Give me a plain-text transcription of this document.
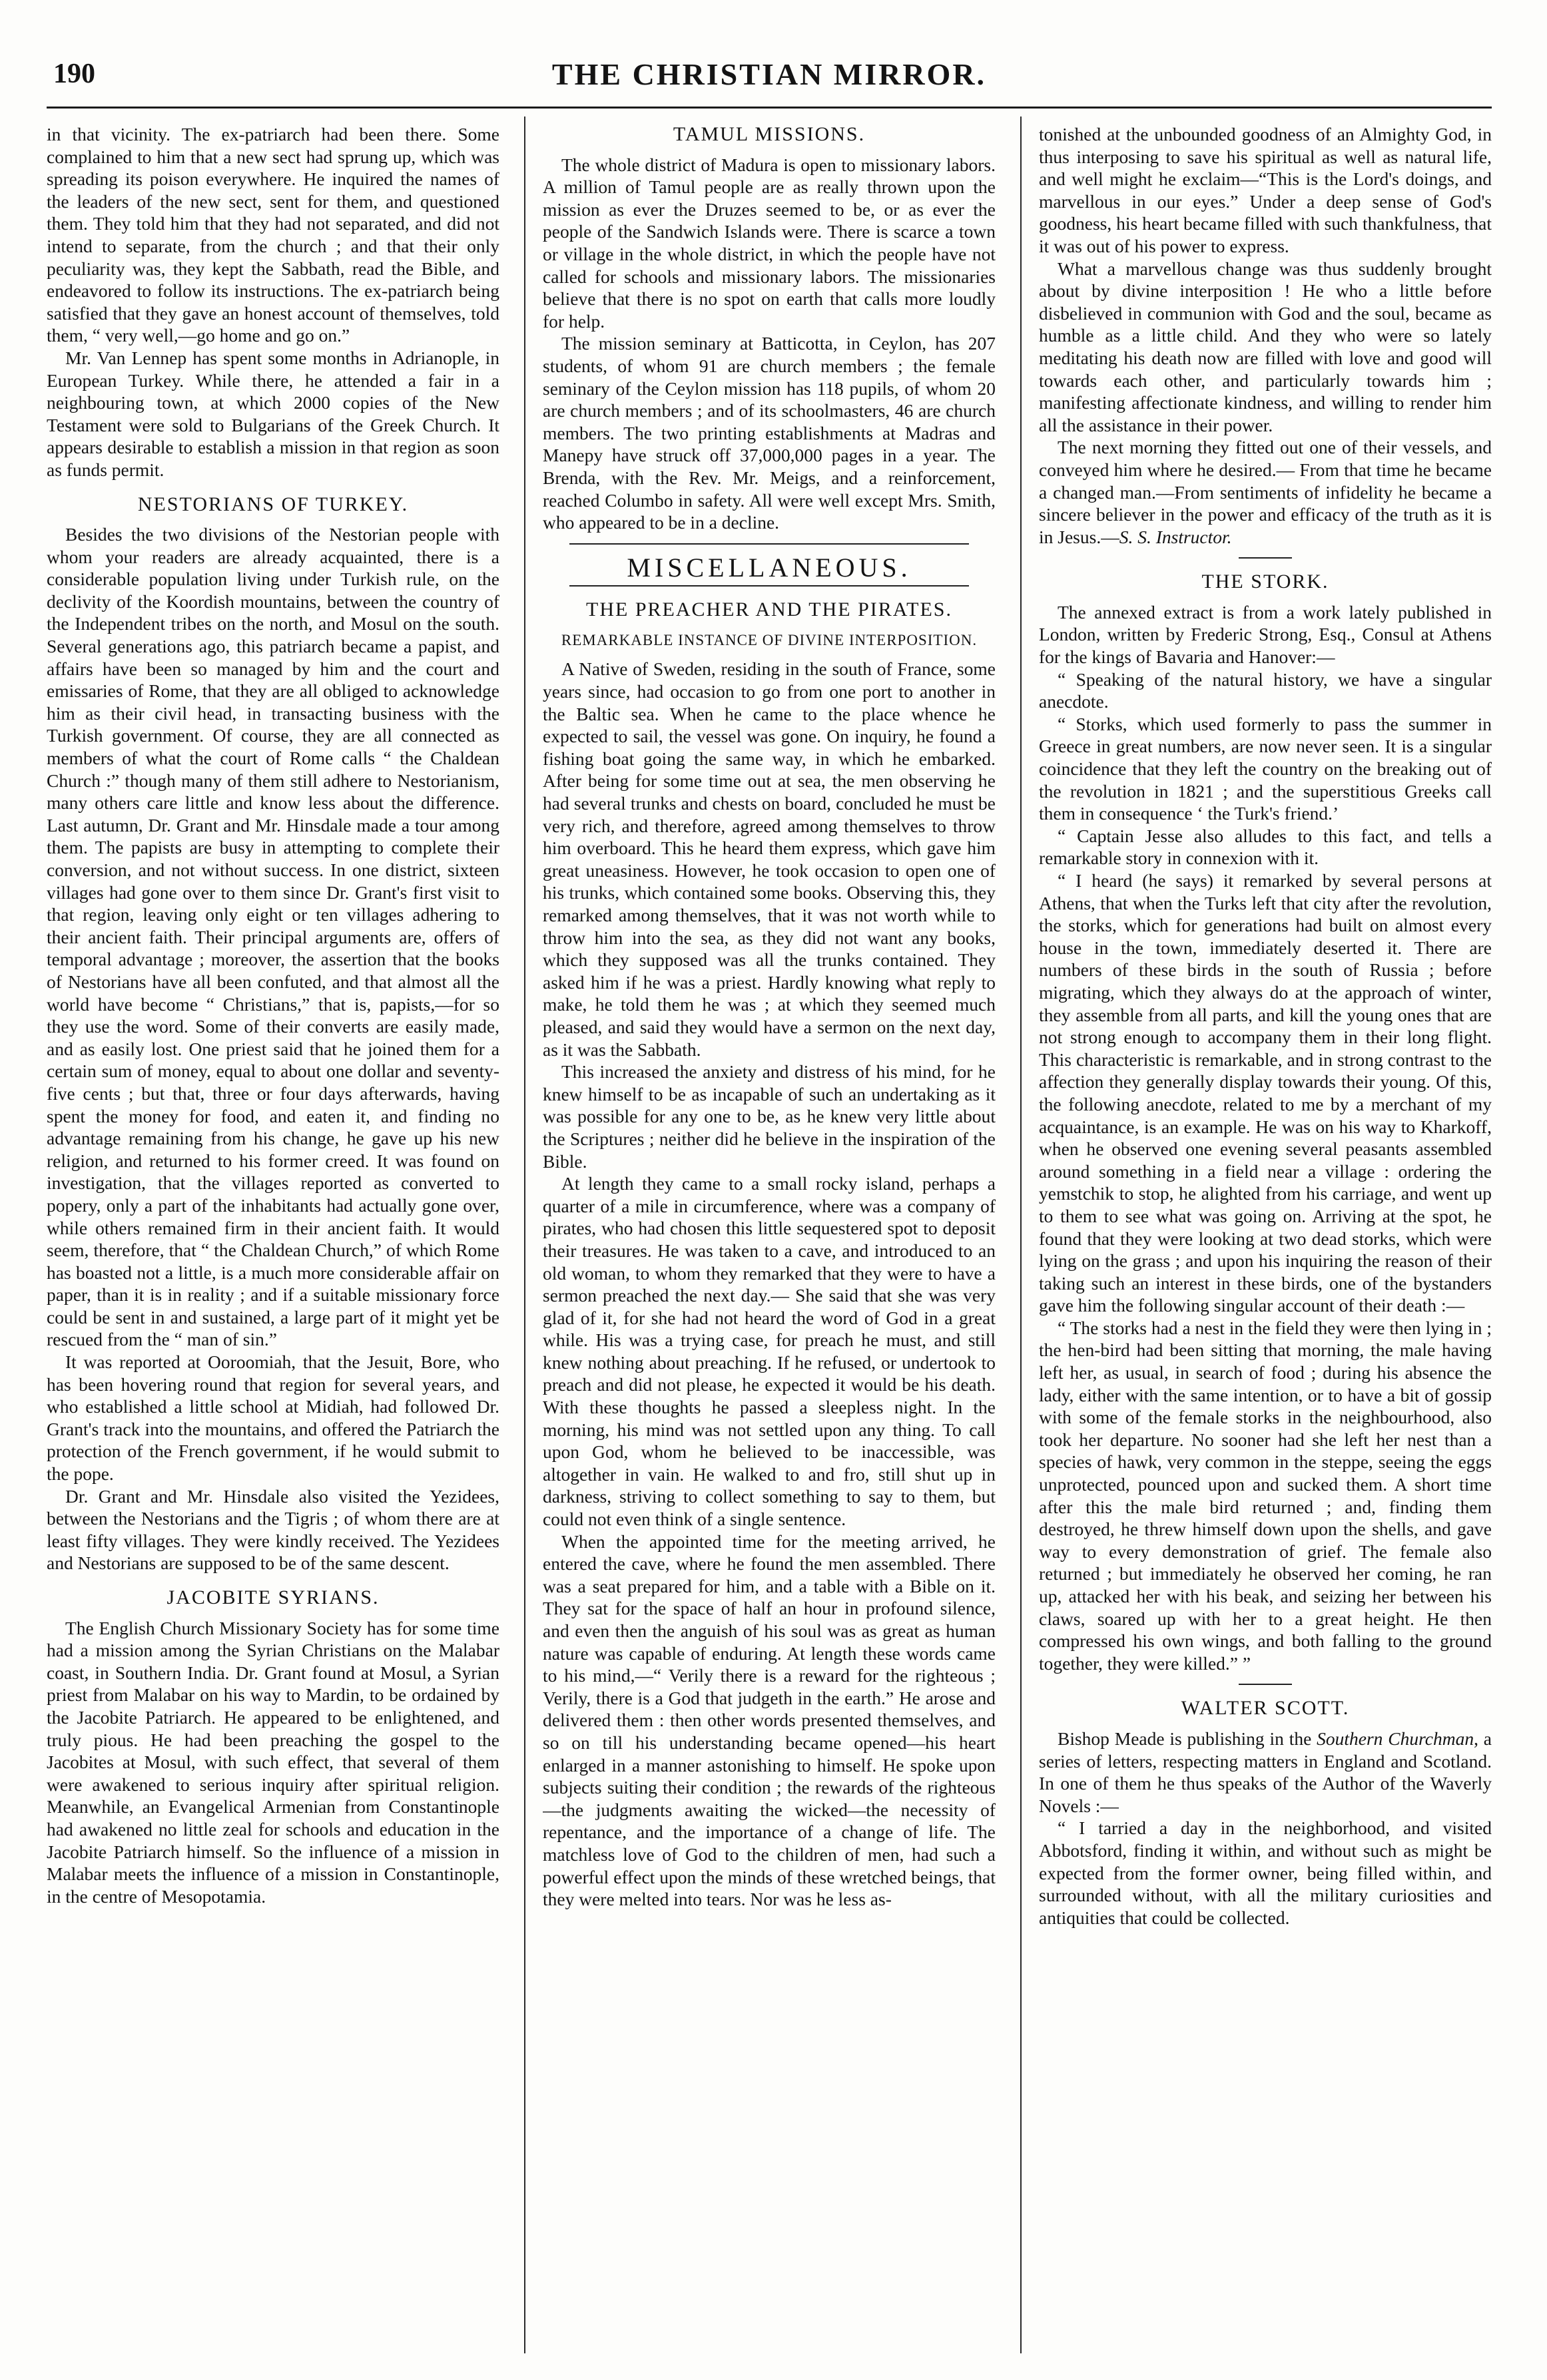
190	THE CHRISTIAN MIRROR.

in that vicinity. The ex-patriarch had been there. Some complained to him that a new sect had sprung up, which was spreading its poison everywhere. He inquired the names of the leaders of the new sect, sent for them, and questioned them. They told him that they had not separated, and did not intend to separate, from the church ; and that their only peculiarity was, they kept the Sabbath, read the Bible, and endeavored to follow its instructions. The ex-patriarch being satisfied that they gave an honest account of themselves, told them, “ very well,—go home and go on.”

Mr. Van Lennep has spent some months in Adrianople, in European Turkey. While there, he attended a fair in a neighbouring town, at which 2000 copies of the New Testament were sold to Bulgarians of the Greek Church. It appears desirable to establish a mission in that region as soon as funds permit.

NESTORIANS OF TURKEY.

Besides the two divisions of the Nestorian people with whom your readers are already acquainted, there is a considerable population living under Turkish rule, on the declivity of the Koordish mountains, between the country of the Independent tribes on the north, and Mosul on the south. Several generations ago, this patriarch became a papist, and affairs have been so managed by him and the court and emissaries of Rome, that they are all obliged to acknowledge him as their civil head, in transacting business with the Turkish government. Of course, they are all connected as members of what the court of Rome calls “ the Chaldean Church :” though many of them still adhere to Nestorianism, many others care little and know less about the difference. Last autumn, Dr. Grant and Mr. Hinsdale made a tour among them. The papists are busy in attempting to complete their conversion, and not without success. In one district, sixteen villages had gone over to them since Dr. Grant's first visit to that region, leaving only eight or ten villages adhering to their ancient faith. Their principal arguments are, offers of temporal advantage ; moreover, the assertion that the books of Nestorians have all been confuted, and that almost all the world have become “ Christians,” that is, papists,—for so they use the word. Some of their converts are easily made, and as easily lost. One priest said that he joined them for a certain sum of money, equal to about one dollar and seventy-five cents ; but that, three or four days afterwards, having spent the money for food, and eaten it, and finding no advantage remaining from his change, he gave up his new religion, and returned to his former creed. It was found on investigation, that the villages reported as converted to popery, only a part of the inhabitants had actually gone over, while others remained firm in their ancient faith. It would seem, therefore, that “ the Chaldean Church,” of which Rome has boasted not a little, is a much more considerable affair on paper, than it is in reality ; and if a suitable missionary force could be sent in and sustained, a large part of it might yet be rescued from the “ man of sin.”

It was reported at Ooroomiah, that the Jesuit, Bore, who has been hovering round that region for several years, and who established a little school at Midiah, had followed Dr. Grant's track into the mountains, and offered the Patriarch the protection of the French government, if he would submit to the pope.

Dr. Grant and Mr. Hinsdale also visited the Yezidees, between the Nestorians and the Tigris ; of whom there are at least fifty villages. They were kindly received. The Yezidees and Nestorians are supposed to be of the same descent.

JACOBITE SYRIANS.

The English Church Missionary Society has for some time had a mission among the Syrian Christians on the Malabar coast, in Southern India. Dr. Grant found at Mosul, a Syrian priest from Malabar on his way to Mardin, to be ordained by the Jacobite Patriarch. He appeared to be enlightened, and truly pious. He had been preaching the gospel to the Jacobites at Mosul, with such effect, that several of them were awakened to serious inquiry after spiritual religion. Meanwhile, an Evangelical Armenian from Constantinople had awakened no little zeal for schools and education in the Jacobite Patriarch himself. So the influence of a mission in Malabar meets the influence of a mission in Constantinople, in the centre of Mesopotamia.

TAMUL MISSIONS.

The whole district of Madura is open to missionary labors. A million of Tamul people are as really thrown upon the mission as ever the Druzes seemed to be, or as ever the people of the Sandwich Islands were. There is scarce a town or village in the whole district, in which the people have not called for schools and missionary labors. The missionaries believe that there is no spot on earth that calls more loudly for help.

The mission seminary at Batticotta, in Ceylon, has 207 students, of whom 91 are church members ; the female seminary of the Ceylon mission has 118 pupils, of whom 20 are church members ; and of its schoolmasters, 46 are church members. The two printing establishments at Madras and Manepy have struck off 37,000,000 pages in a year. The Brenda, with the Rev. Mr. Meigs, and a reinforcement, reached Columbo in safety. All were well except Mrs. Smith, who appeared to be in a decline.

MISCELLANEOUS.
THE PREACHER AND THE PIRATES.
REMARKABLE INSTANCE OF DIVINE INTERPOSITION.

A Native of Sweden, residing in the south of France, some years since, had occasion to go from one port to another in the Baltic sea. When he came to the place whence he expected to sail, the vessel was gone. On inquiry, he found a fishing boat going the same way, in which he embarked. After being for some time out at sea, the men observing he had several trunks and chests on board, concluded he must be very rich, and therefore, agreed among themselves to throw him overboard. This he heard them express, which gave him great uneasiness. However, he took occasion to open one of his trunks, which contained some books. Observing this, they remarked among themselves, that it was not worth while to throw him into the sea, as they did not want any books, which they supposed was all the trunks contained. They asked him if he was a priest. Hardly knowing what reply to make, he told them he was ; at which they seemed much pleased, and said they would have a sermon on the next day, as it was the Sabbath.

This increased the anxiety and distress of his mind, for he knew himself to be as incapable of such an undertaking as it was possible for any one to be, as he knew very little about the Scriptures ; neither did he believe in the inspiration of the Bible.

At length they came to a small rocky island, perhaps a quarter of a mile in circumference, where was a company of pirates, who had chosen this little sequestered spot to deposit their treasures. He was taken to a cave, and introduced to an old woman, to whom they remarked that they were to have a sermon preached the next day.— She said that she was very glad of it, for she had not heard the word of God in a great while. His was a trying case, for preach he must, and still knew nothing about preaching. If he refused, or undertook to preach and did not please, he expected it would be his death. With these thoughts he passed a sleepless night. In the morning, his mind was not settled upon any thing. To call upon God, whom he believed to be inaccessible, was altogether in vain. He walked to and fro, still shut up in darkness, striving to collect something to say to them, but could not even think of a single sentence.

When the appointed time for the meeting arrived, he entered the cave, where he found the men assembled. There was a seat prepared for him, and a table with a Bible on it. They sat for the space of half an hour in profound silence, and even then the anguish of his soul was as great as human nature was capable of enduring. At length these words came to his mind,—“ Verily there is a reward for the righteous ; Verily, there is a God that judgeth in the earth.” He arose and delivered them : then other words presented themselves, and so on till his understanding became opened—his heart enlarged in a manner astonishing to himself. He spoke upon subjects suiting their condition ; the rewards of the righteous—the judgments awaiting the wicked—the necessity of repentance, and the importance of a change of life. The matchless love of God to the children of men, had such a powerful effect upon the minds of these wretched beings, that they were melted into tears. Nor was he less as-

tonished at the unbounded goodness of an Almighty God, in thus interposing to save his spiritual as well as natural life, and well might he exclaim—“This is the Lord's doings, and marvellous in our eyes.” Under a deep sense of God's goodness, his heart became filled with such thankfulness, that it was out of his power to express.

What a marvellous change was thus suddenly brought about by divine interposition ! He who a little before disbelieved in communion with God and the soul, became as humble as a little child. And they who were so lately meditating his death now are filled with love and good will towards each other, and particularly towards him ; manifesting affectionate kindness, and willing to render him all the assistance in their power.

The next morning they fitted out one of their vessels, and conveyed him where he desired.— From that time he became a changed man.—From sentiments of infidelity he became a sincere believer in the power and efficacy of the truth as it is in Jesus.—S. S. Instructor.

THE STORK.

The annexed extract is from a work lately published in London, written by Frederic Strong, Esq., Consul at Athens for the kings of Bavaria and Hanover:—

“ Speaking of the natural history, we have a singular anecdote.

“ Storks, which used formerly to pass the summer in Greece in great numbers, are now never seen. It is a singular coincidence that they left the country on the breaking out of the revolution in 1821 ; and the superstitious Greeks call them in consequence ‘ the Turk's friend.’

“ Captain Jesse also alludes to this fact, and tells a remarkable story in connexion with it.

“ I heard (he says) it remarked by several persons at Athens, that when the Turks left that city after the revolution, the storks, which for generations had built on almost every house in the town, immediately deserted it. There are numbers of these birds in the south of Russia ; before migrating, which they always do at the approach of winter, they assemble from all parts, and kill the young ones that are not strong enough to accompany them in their long flight. This characteristic is remarkable, and in strong contrast to the affection they generally display towards their young. Of this, the following anecdote, related to me by a merchant of my acquaintance, is an example. He was on his way to Kharkoff, when he observed one evening several peasants assembled around something in a field near a village : ordering the yemstchik to stop, he alighted from his carriage, and went up to them to see what was going on. Arriving at the spot, he found that they were looking at two dead storks, which were lying on the grass ; and upon his inquiring the reason of their taking such an interest in these birds, one of the bystanders gave him the following singular account of their death :—

“ The storks had a nest in the field they were then lying in ; the hen-bird had been sitting that morning, the male having left her, as usual, in search of food ; during his absence the lady, either with the same intention, or to have a bit of gossip with some of the female storks in the neighbourhood, also took her departure. No sooner had she left her nest than a species of hawk, very common in the steppe, seeing the eggs unprotected, pounced upon and sucked them. A short time after this the male bird returned ; and, finding them destroyed, he threw himself down upon the shells, and gave way to every demonstration of grief. The female also returned ; but immediately he observed her coming, he ran up, attacked her with his beak, and seizing her between his claws, soared up with her to a great height. He then compressed his own wings, and both falling to the ground together, they were killed.” ”

WALTER SCOTT.

Bishop Meade is publishing in the Southern Churchman, a series of letters, respecting matters in England and Scotland. In one of them he thus speaks of the Author of the Waverly Novels :—

“ I tarried a day in the neighborhood, and visited Abbotsford, finding it within, and without such as might be expected from the former owner, being filled within, and surrounded without, with all the military curiosities and antiquities that could be collected.
